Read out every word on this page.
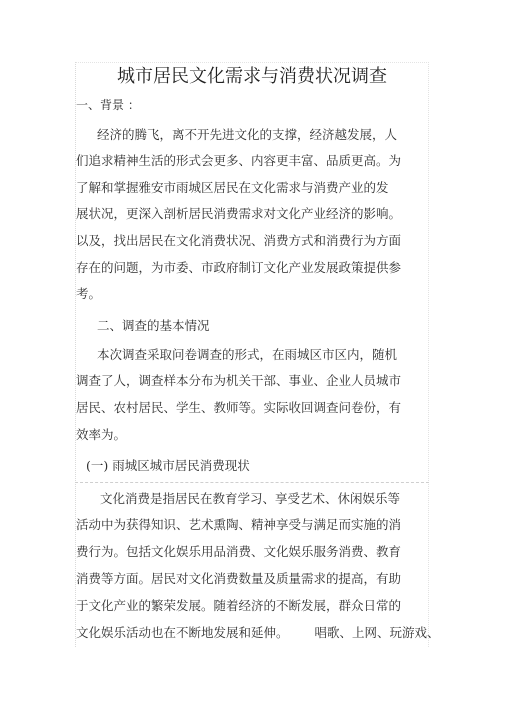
城市居民文化需求与消费状况调查
一、背景 ：
经济的腾飞，离不开先进文化的支撑，经济越发展，人
们追求精神生活的形式会更多、内容更丰富、品质更高。为
了解和掌握雅安市雨城区居民在文化需求与消费产业的发
展状况，更深入剖析居民消费需求对文化产业经济的影响。
以及，找出居民在文化消费状况、消费方式和消费行为方面
存在的问题，为市委、市政府制订文化产业发展政策提供参
考。
二、调查的基本情况
本次调查采取问卷调查的形式，在雨城区市区内，随机
调查了人，调查样本分布为机关干部、事业、企业人员城市
居民、农村居民、学生、教师等。实际收回调查问卷份，有
效率为。
(一) 雨城区城市居民消费现状
文化消费是指居民在教育学习、享受艺术、休闲娱乐等
活动中为获得知识、艺术熏陶、精神享受与满足而实施的消
费行为。包括文化娱乐用品消费、文化娱乐服务消费、教育
消费等方面。居民对文化消费数量及质量需求的提高，有助
于文化产业的繁荣发展。随着经济的不断发展，群众日常的
文化娱乐活动也在不断地发展和延伸。 唱歌、上网、玩游戏、
